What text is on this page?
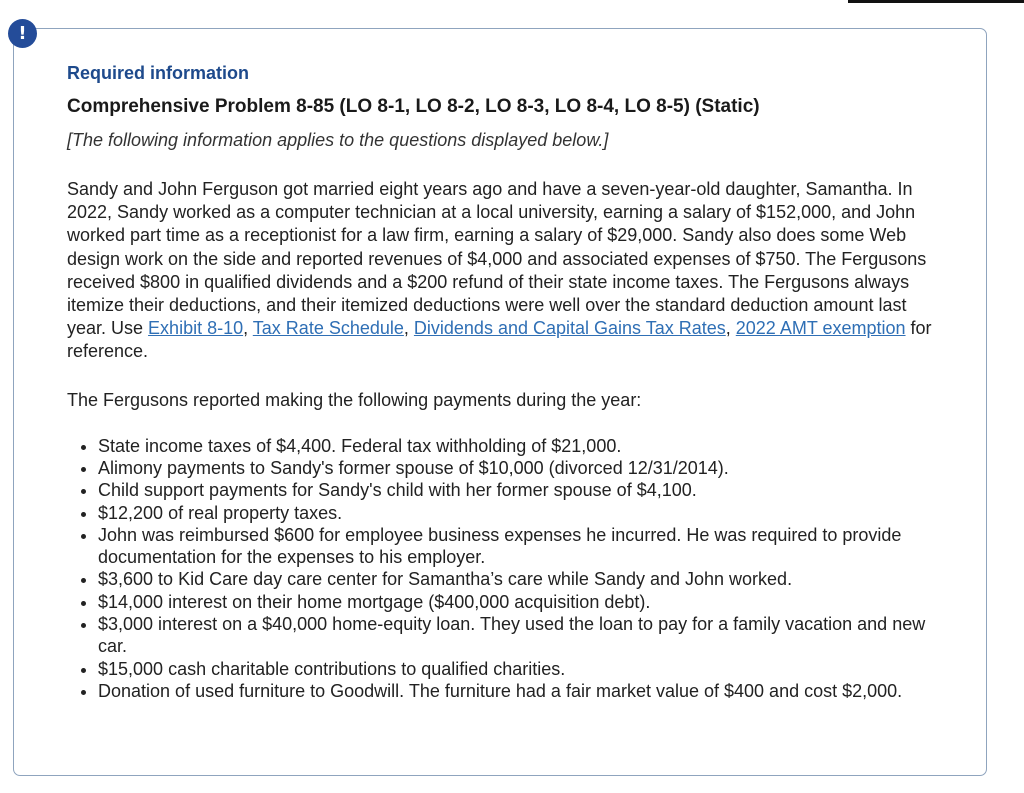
!

Required information

Comprehensive Problem 8-85 (LO 8-1, LO 8-2, LO 8-3, LO 8-4, LO 8-5) (Static)

[The following information applies to the questions displayed below.]

Sandy and John Ferguson got married eight years ago and have a seven-year-old daughter, Samantha. In 2022, Sandy worked as a computer technician at a local university, earning a salary of $152,000, and John worked part time as a receptionist for a law firm, earning a salary of $29,000. Sandy also does some Web design work on the side and reported revenues of $4,000 and associated expenses of $750. The Fergusons received $800 in qualified dividends and a $200 refund of their state income taxes. The Fergusons always itemize their deductions, and their itemized deductions were well over the standard deduction amount last year. Use Exhibit 8-10, Tax Rate Schedule, Dividends and Capital Gains Tax Rates, 2022 AMT exemption for reference.

The Fergusons reported making the following payments during the year:

• State income taxes of $4,400. Federal tax withholding of $21,000.
• Alimony payments to Sandy's former spouse of $10,000 (divorced 12/31/2014).
• Child support payments for Sandy's child with her former spouse of $4,100.
• $12,200 of real property taxes.
• John was reimbursed $600 for employee business expenses he incurred. He was required to provide documentation for the expenses to his employer.
• $3,600 to Kid Care day care center for Samantha’s care while Sandy and John worked.
• $14,000 interest on their home mortgage ($400,000 acquisition debt).
• $3,000 interest on a $40,000 home-equity loan. They used the loan to pay for a family vacation and new car.
• $15,000 cash charitable contributions to qualified charities.
• Donation of used furniture to Goodwill. The furniture had a fair market value of $400 and cost $2,000.
